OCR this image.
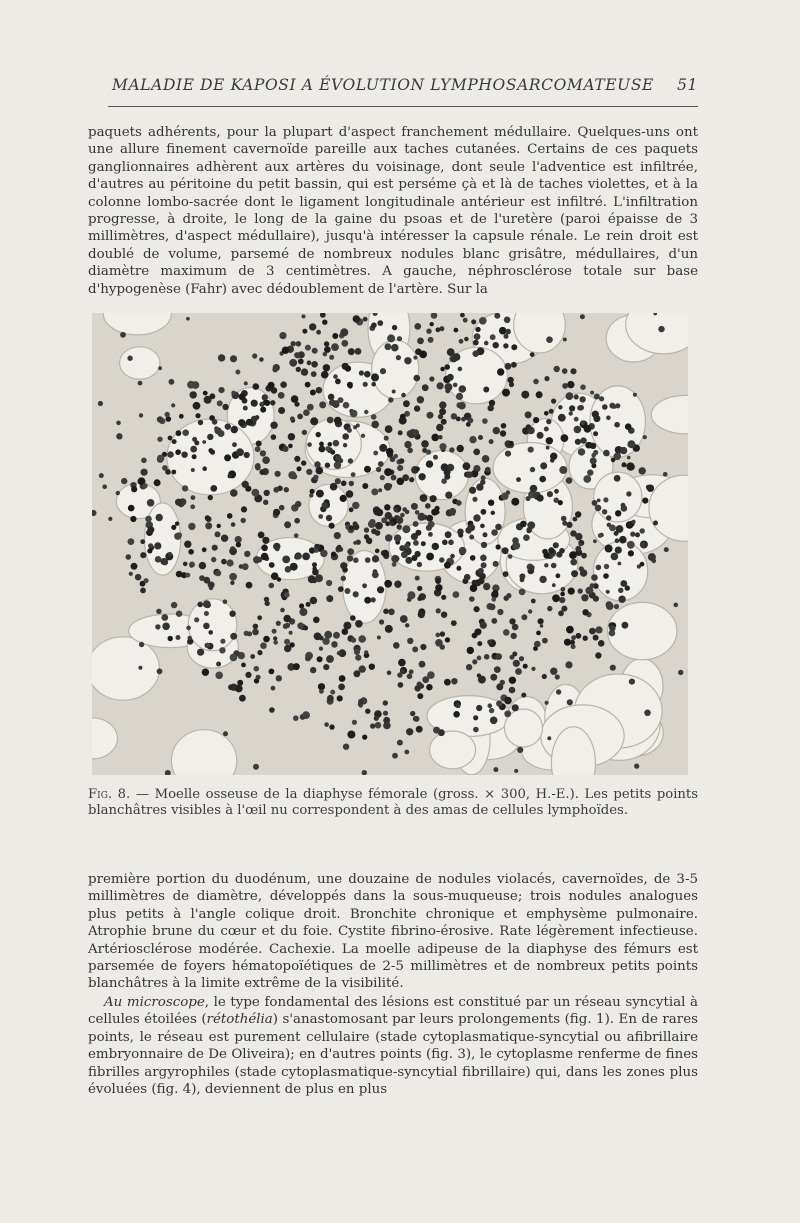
MALADIE DE KAPOSI A ÉVOLUTION LYMPHOSARCOMATEUSE 51

paquets adhérents, pour la plupart d'aspect franchement médullaire. Quelques-uns ont une allure finement cavernoïde pareille aux taches cutanées. Certains de ces paquets ganglionnaires adhèrent aux artères du voisinage, dont seule l'adventice est infiltrée, d'autres au péritoine du petit bassin, qui est perséme çà et là de taches violettes, et à la colonne lombo-sacrée dont le ligament longitudinale antérieur est infiltré. L'infiltration progresse, à droite, le long de la gaine du psoas et de l'uretère (paroi épaisse de 3 millimètres, d'aspect médullaire), jusqu'à intéresser la capsule rénale. Le rein droit est doublé de volume, parsemé de nombreux nodules blanc grisâtre, médullaires, d'un diamètre maximum de 3 centimètres. A gauche, néphrosclérose totale sur base d'hypogenèse (Fahr) avec dédoublement de l'artère. Sur la

Fig. 8. — Moelle osseuse de la diaphyse fémorale (gross. × 300, H.-E.). Les petits points blanchâtres visibles à l'œil nu correspondent à des amas de cellules lymphoïdes.

première portion du duodénum, une douzaine de nodules violacés, cavernoïdes, de 3-5 millimètres de diamètre, développés dans la sous-muqueuse; trois nodules analogues plus petits à l'angle colique droit. Bronchite chronique et emphysème pulmonaire. Atrophie brune du cœur et du foie. Cystite fibrino-érosive. Rate légèrement infectieuse. Artériosclérose modérée. Cachexie. La moelle adipeuse de la diaphyse des fémurs est parsemée de foyers hématopoïétiques de 2-5 millimètres et de nombreux petits points blanchâtres à la limite extrême de la visibilité.

Au microscope, le type fondamental des lésions est constitué par un réseau syncytial à cellules étoilées (rétothélia) s'anastomosant par leurs prolongements (fig. 1). En de rares points, le réseau est purement cellulaire (stade cytoplasmatique-syncytial ou afibrillaire embryonnaire de De Oliveira); en d'autres points (fig. 3), le cytoplasme renferme de fines fibrilles argyrophiles (stade cytoplasmatique-syncytial fibrillaire) qui, dans les zones plus évoluées (fig. 4), deviennent de plus en plus
